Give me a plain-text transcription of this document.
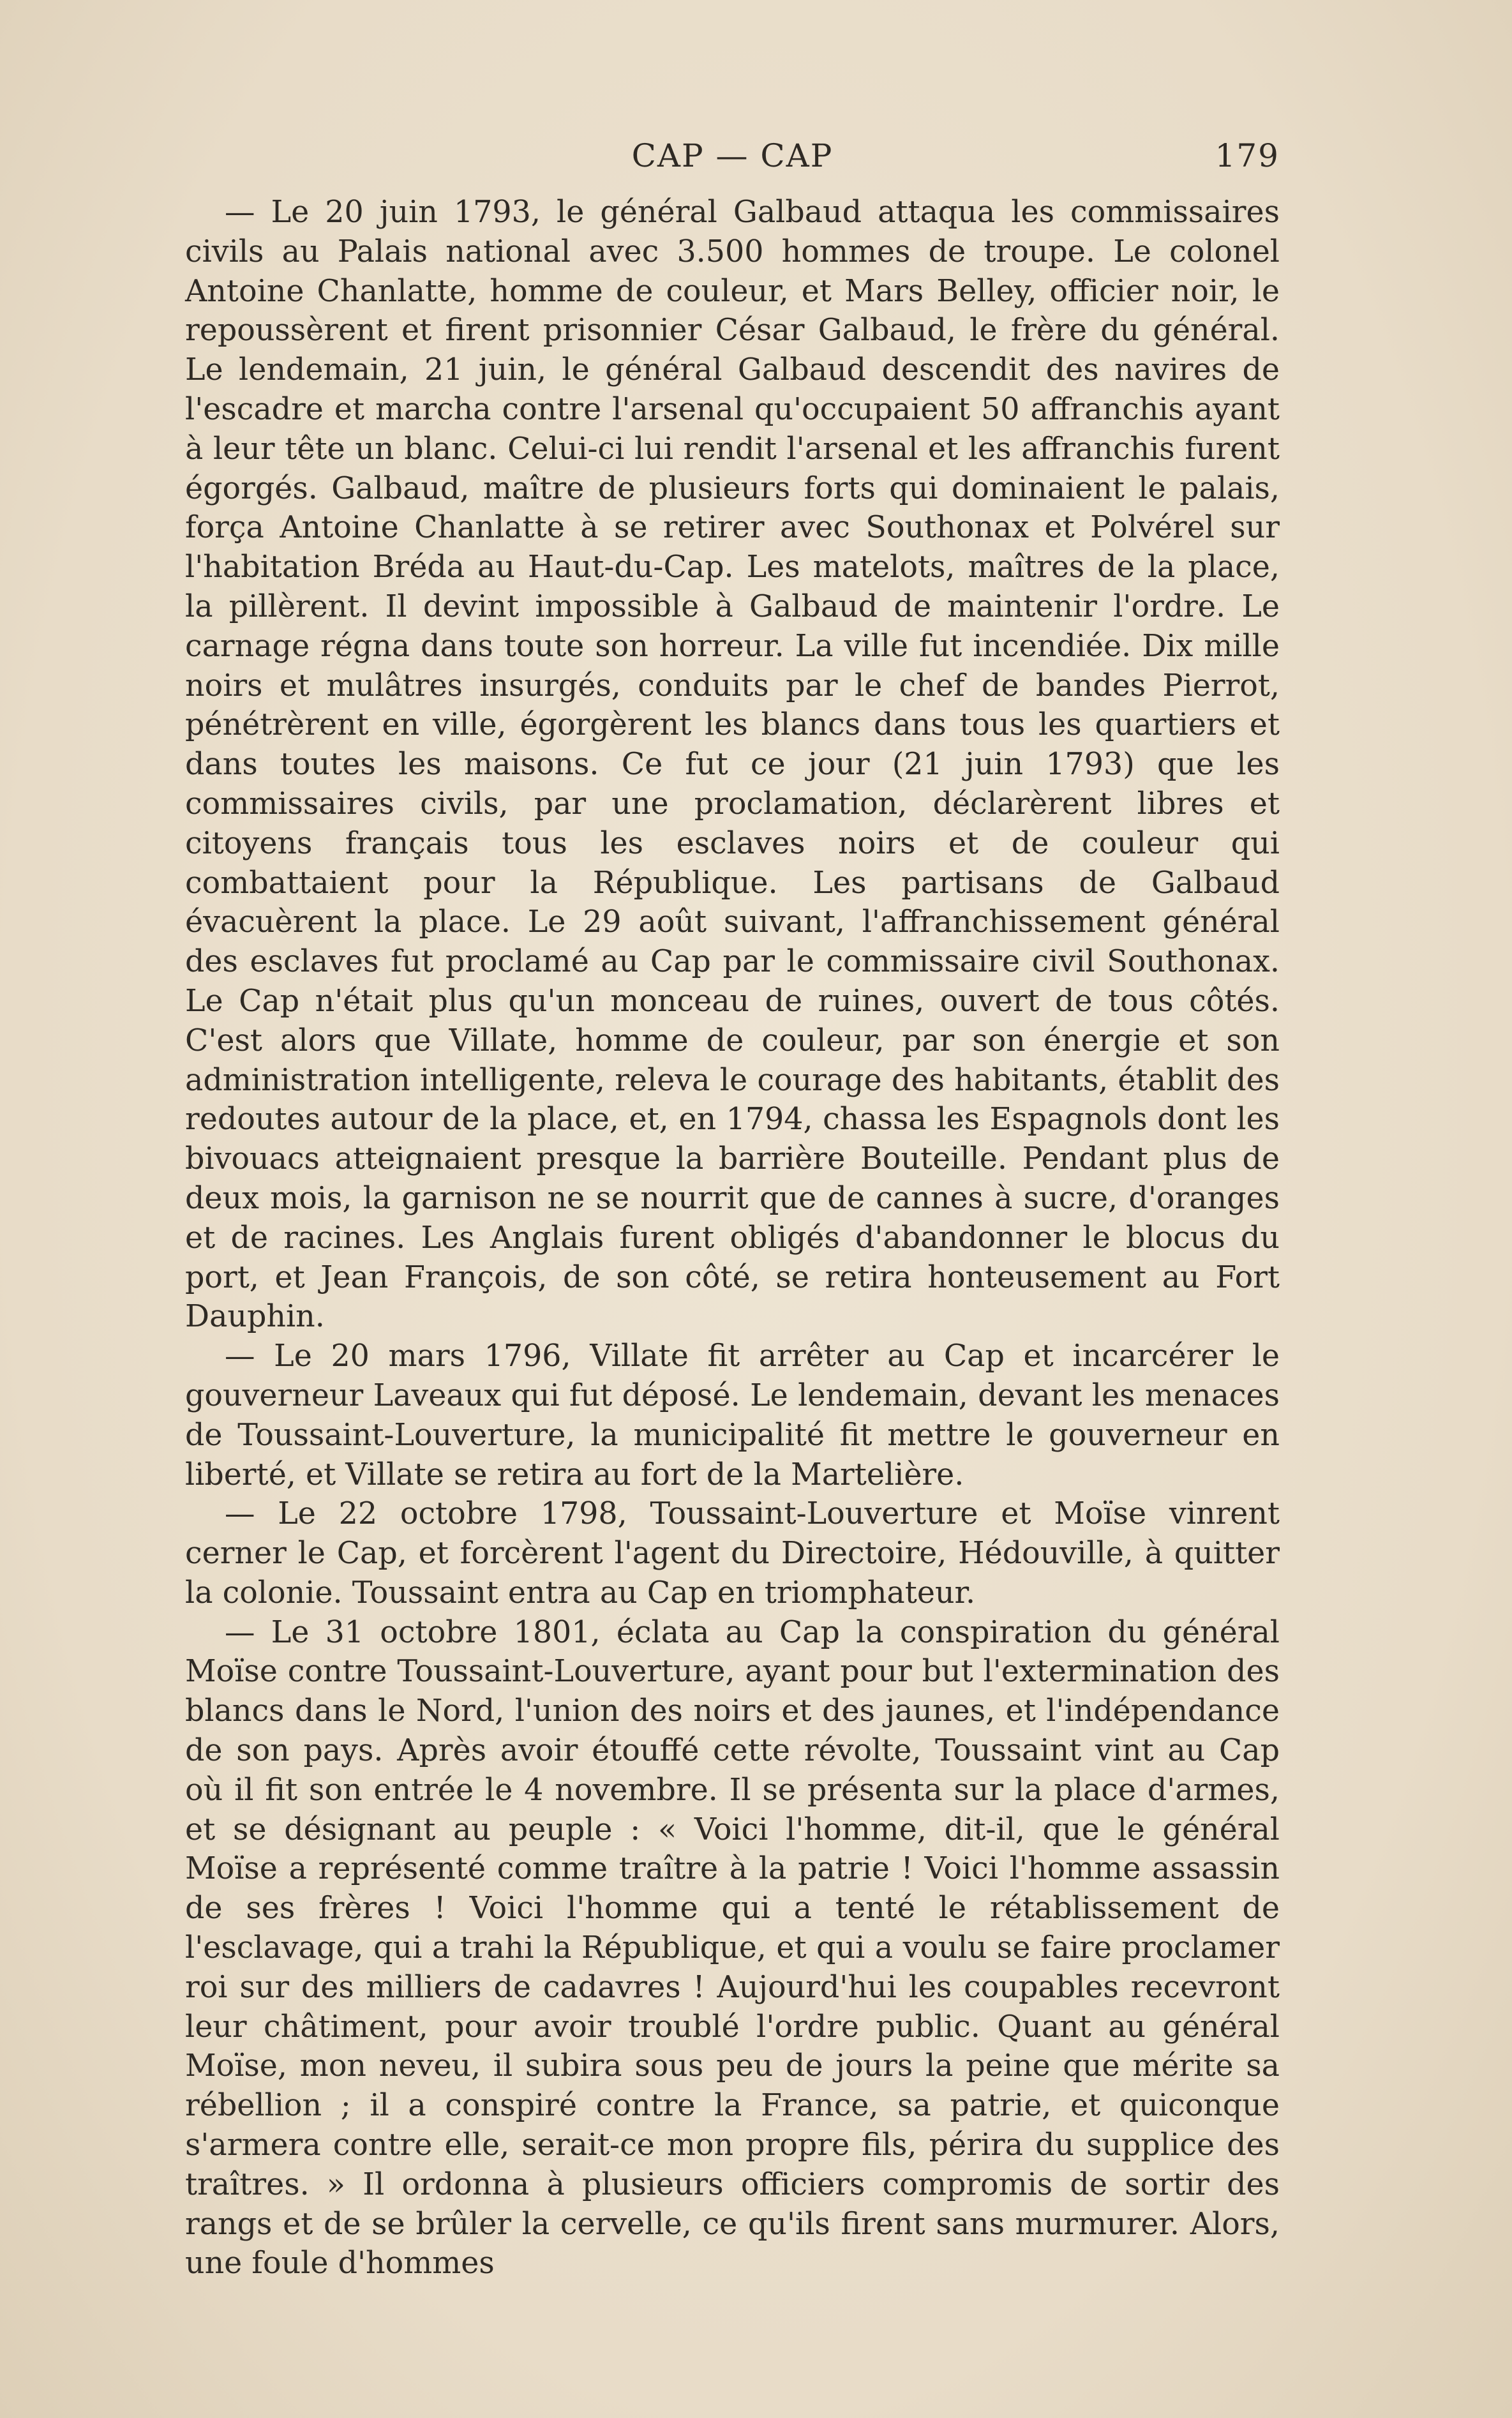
CAP — CAP	179

— Le 20 juin 1793, le général Galbaud attaqua les commissaires civils au Palais national avec 3.500 hommes de troupe. Le colonel Antoine Chanlatte, homme de couleur, et Mars Belley, officier noir, le repoussèrent et firent prisonnier César Galbaud, le frère du général. Le lendemain, 21 juin, le général Galbaud descendit des navires de l'escadre et marcha contre l'arsenal qu'occupaient 50 affranchis ayant à leur tête un blanc. Celui-ci lui rendit l'arsenal et les affranchis furent égorgés. Galbaud, maître de plusieurs forts qui dominaient le palais, força Antoine Chanlatte à se retirer avec Southonax et Polvérel sur l'habitation Bréda au Haut-du-Cap. Les matelots, maîtres de la place, la pillèrent. Il devint impossible à Galbaud de maintenir l'ordre. Le carnage régna dans toute son horreur. La ville fut incendiée. Dix mille noirs et mulâtres insurgés, conduits par le chef de bandes Pierrot, pénétrèrent en ville, égorgèrent les blancs dans tous les quartiers et dans toutes les maisons. Ce fut ce jour (21 juin 1793) que les commissaires civils, par une proclamation, déclarèrent libres et citoyens français tous les esclaves noirs et de couleur qui combattaient pour la République. Les partisans de Galbaud évacuèrent la place. Le 29 août suivant, l'affranchissement général des esclaves fut proclamé au Cap par le commissaire civil Southonax. Le Cap n'était plus qu'un monceau de ruines, ouvert de tous côtés. C'est alors que Villate, homme de couleur, par son énergie et son administration intelligente, releva le courage des habitants, établit des redoutes autour de la place, et, en 1794, chassa les Espagnols dont les bivouacs atteignaient presque la barrière Bouteille. Pendant plus de deux mois, la garnison ne se nourrit que de cannes à sucre, d'oranges et de racines. Les Anglais furent obligés d'abandonner le blocus du port, et Jean François, de son côté, se retira honteusement au Fort Dauphin.

— Le 20 mars 1796, Villate fit arrêter au Cap et incarcérer le gouverneur Laveaux qui fut déposé. Le lendemain, devant les menaces de Toussaint-Louverture, la municipalité fit mettre le gouverneur en liberté, et Villate se retira au fort de la Martelière.

— Le 22 octobre 1798, Toussaint-Louverture et Moïse vinrent cerner le Cap, et forcèrent l'agent du Directoire, Hédouville, à quitter la colonie. Toussaint entra au Cap en triomphateur.

— Le 31 octobre 1801, éclata au Cap la conspiration du général Moïse contre Toussaint-Louverture, ayant pour but l'extermination des blancs dans le Nord, l'union des noirs et des jaunes, et l'indépendance de son pays. Après avoir étouffé cette révolte, Toussaint vint au Cap où il fit son entrée le 4 novembre. Il se présenta sur la place d'armes, et se désignant au peuple : « Voici l'homme, dit-il, que le général Moïse a représenté comme traître à la patrie ! Voici l'homme assassin de ses frères ! Voici l'homme qui a tenté le rétablissement de l'esclavage, qui a trahi la République, et qui a voulu se faire proclamer roi sur des milliers de cadavres ! Aujourd'hui les coupables recevront leur châtiment, pour avoir troublé l'ordre public. Quant au général Moïse, mon neveu, il subira sous peu de jours la peine que mérite sa rébellion ; il a conspiré contre la France, sa patrie, et quiconque s'armera contre elle, serait-ce mon propre fils, périra du supplice des traîtres. » Il ordonna à plusieurs officiers compromis de sortir des rangs et de se brûler la cervelle, ce qu'ils firent sans murmurer. Alors, une foule d'hommes
